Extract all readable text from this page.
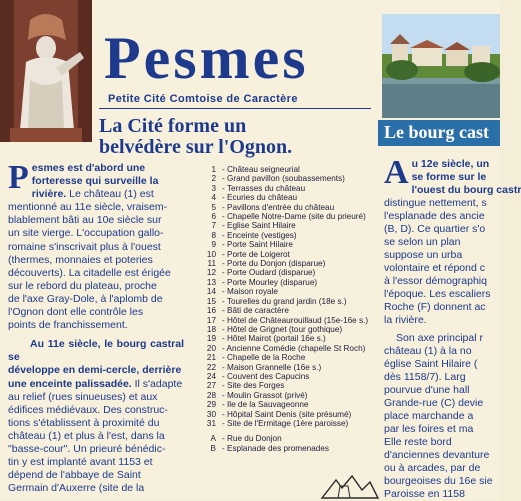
Pesmes
Petite Cité Comtoise de Caractère
La Cité forme un
belvédère sur l'Ognon.
Le bourg cast

P esmes est d'abord une
forteresse qui surveille la
rivière. Le château (1) est
mentionné au 11e siècle, vraisem-
blablement bâti au 10e siècle sur
un site vierge. L'occupation gallo-
romaine s'inscrivait plus à l'ouest
(thermes, monnaies et poteries
découverts). La citadelle est érigée
sur le rebord du plateau, proche
de l'axe Gray-Dole, à l'aplomb de
l'Ognon dont elle contrôle les
points de franchissement.

Au 11e siècle, le bourg castral se
développe en demi-cercle, derrière
une enceinte palissadée. Il s'adapte
au relief (rues sinueuses) et aux
édifices médiévaux. Des construc-
tions s'établissent à proximité du
château (1) et plus à l'est, dans la
"basse-cour". Un prieuré bénédic-
tin y est implanté avant 1153 et
dépend de l'abbaye de Saint
Germain d'Auxerre (site de la

1 - Château seigneurial
2 - Grand pavillon (soubassements)
3 - Terrasses du château
4 - Ecuries du château
5 - Pavillons d'entrée du château
6 - Chapelle Notre-Dame (site du prieuré)
7 - Eglise Saint Hilaire
8 - Enceinte (vestiges)
9 - Porte Saint Hilaire
10 - Porte de Loigerot
11 - Porte du Donjon (disparue)
12 - Porte Oudard (disparue)
13 - Porte Mourley (disparue)
14 - Maison royale
15 - Tourelles du grand jardin (18e s.)
16 - Bâti de caractère
17 - Hôtel de Châteaurouillaud (15e-16e s.)
18 - Hôtel de Grignet (tour gothique)
19 - Hôtel Mairot (portail 16e s.)
20 - Ancienne Comédie (chapelle St Roch)
21 - Chapelle de la Roche
22 - Maison Grannelle (16e s.)
24 - Couvent des Capucins
27 - Site des Forges
28 - Moulin Grassot (privé)
29 - Ile de la Sauvageonne
30 - Hôpital Saint Denis (site présumé)
31 - Site de l'Ermitage (1ère paroisse)
A - Rue du Donjon
B - Esplanade des promenades

A u 12e siècle, un
se forme sur le
l'ouest du bourg castr
distingue nettement, s
l'esplanade des ancie
(B, D). Ce quartier s'o
se selon un plan
suppose un urba
volontaire et répond c
à l'essor démographiq
l'époque. Les escaliers
Roche (F) donnent ac
la rivière.

Son axe principal r
château (1) à la no
église Saint Hilaire (
dès 1158/7). Larg
pourvue d'une hall
Grande-rue (C) devie
place marchande a
par les foires et ma
Elle reste bord
d'anciennes devanture
ou à arcades, par de
bourgeoises du 16e sie
Paroisse en 1158
